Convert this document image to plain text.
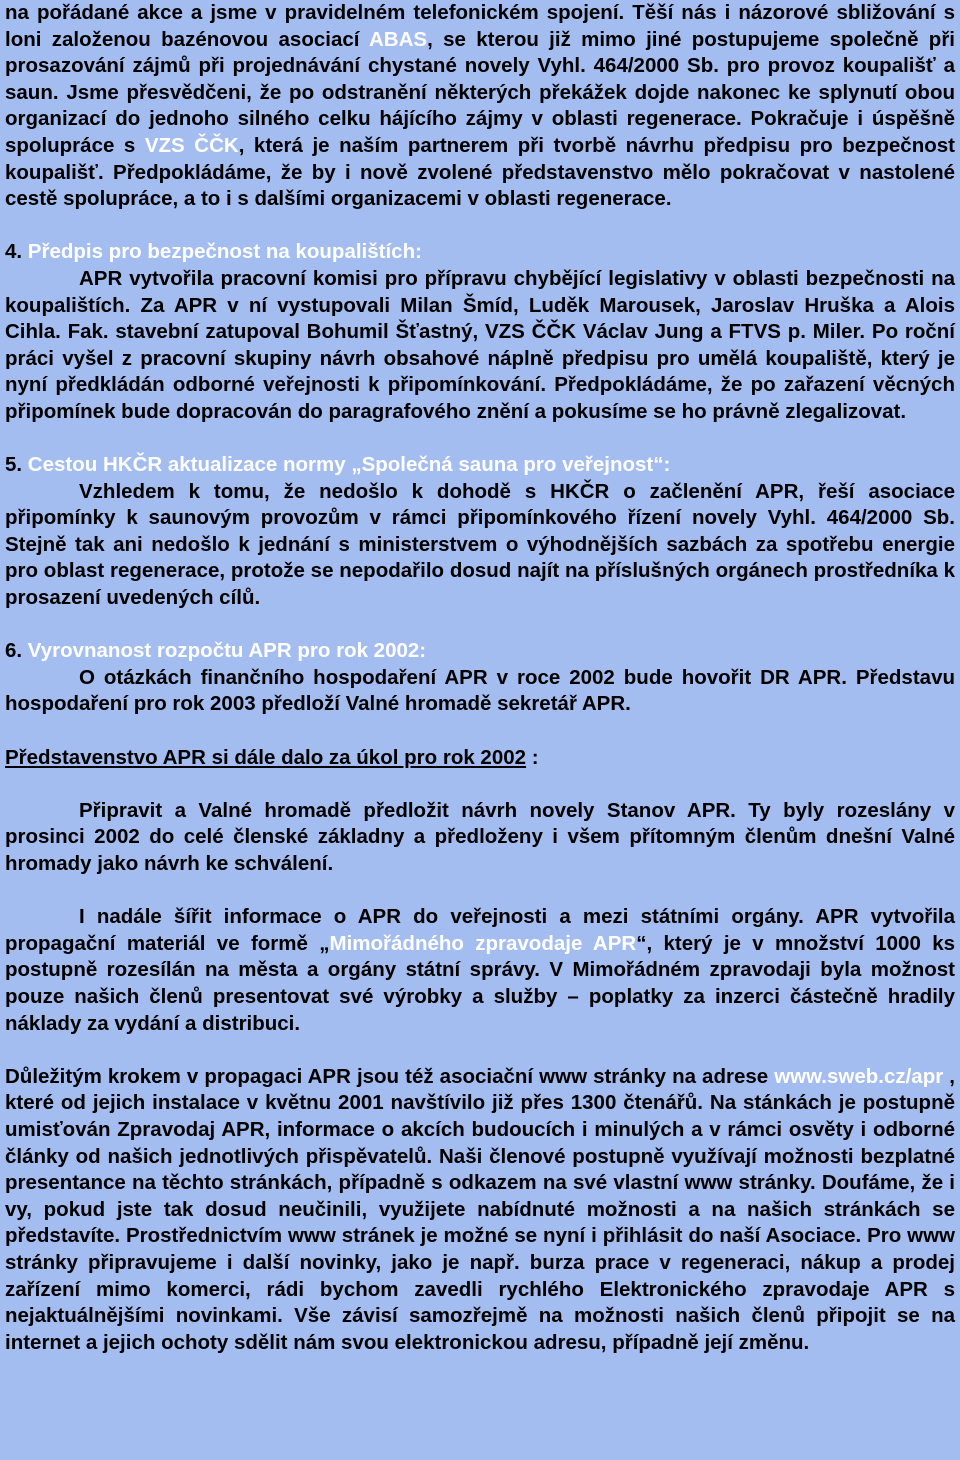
na pořádané akce a jsme v pravidelném telefonickém spojení. Těší nás i názorové sbližování s loni založenou bazénovou asociací ABAS, se kterou již mimo jiné postupujeme společně při prosazování zájmů při projednávání chystané novely Vyhl. 464/2000 Sb. pro provoz koupališť a saun. Jsme přesvědčeni, že po odstranění některých překážek dojde nakonec ke splynutí obou organizací do jednoho silného celku hájícího zájmy v oblasti regenerace. Pokračuje i úspěšně spolupráce s VZS ČČK, která je naším partnerem při tvorbě návrhu předpisu pro bezpečnost koupališť. Předpokládáme, že by i nově zvolené představenstvo mělo pokračovat v nastolené cestě spolupráce, a to i s dalšími organizacemi v oblasti regenerace.

4. Předpis pro bezpečnost na koupalištích:

APR vytvořila pracovní komisi pro přípravu chybějící legislativy v oblasti bezpečnosti na koupalištích. Za APR v ní vystupovali Milan Šmíd, Luděk Marousek, Jaroslav Hruška a Alois Cihla. Fak. stavební zatupoval Bohumil Šťastný, VZS ČČK Václav Jung a FTVS p. Miler. Po roční práci vyšel z pracovní skupiny návrh obsahové náplně předpisu pro umělá koupaliště, který je nyní předkládán odborné veřejnosti k připomínkování. Předpokládáme, že po zařazení věcných připomínek bude dopracován do paragrafového znění a pokusíme se ho právně zlegalizovat.

5. Cestou HKČR aktualizace normy „Společná sauna pro veřejnost“:

Vzhledem k tomu, že nedošlo k dohodě s HKČR o začlenění APR, řeší asociace připomínky k saunovým provozům v rámci připomínkového řízení novely Vyhl. 464/2000 Sb. Stejně tak ani nedošlo k jednání s ministerstvem o výhodnějších sazbách za spotřebu energie pro oblast regenerace, protože se nepodařilo dosud najít na příslušných orgánech prostředníka k prosazení uvedených cílů.

6. Vyrovnanost rozpočtu APR pro rok 2002:

O otázkách finančního hospodaření APR v roce 2002 bude hovořit DR APR. Představu hospodaření pro rok 2003 předloží Valné hromadě sekretář APR.

Představenstvo APR si dále dalo za úkol pro rok 2002 :

Připravit a Valné hromadě předložit návrh novely Stanov APR. Ty byly rozeslány v prosinci 2002 do celé členské základny a předloženy i všem přítomným členům dnešní Valné hromady jako návrh ke schválení.

I nadále šířit informace o APR do veřejnosti a mezi státními orgány. APR vytvořila propagační materiál ve formě „Mimořádného zpravodaje APR“, který je v množství 1000 ks postupně rozesílán na města a orgány státní správy. V Mimořádném zpravodaji byla možnost pouze našich členů presentovat své výrobky a služby – poplatky za inzerci částečně hradily náklady za vydání a distribuci.

Důležitým krokem v propagaci APR jsou též asociační www stránky na adrese www.sweb.cz/apr , které od jejich instalace v květnu 2001 navštívilo již přes 1300 čtenářů. Na stánkách je postupně umisťován Zpravodaj APR, informace o akcích budoucích i minulých a v rámci osvěty i odborné články od našich jednotlivých přispěvatelů. Naši členové postupně využívají možnosti bezplatné presentance na těchto stránkách, případně s odkazem na své vlastní www stránky. Doufáme, že i vy, pokud jste tak dosud neučinili, využijete nabídnuté možnosti a na našich stránkách se představíte. Prostřednictvím www stránek je možné se nyní i přihlásit do naší Asociace. Pro www stránky připravujeme i další novinky, jako je např. burza prace v regeneraci, nákup a prodej zařízení mimo komerci, rádi bychom zavedli rychlého Elektronického zpravodaje APR s nejaktuálnějšími novinkami. Vše závisí samozřejmě na možnosti našich členů připojit se na internet a jejich ochoty sdělit nám svou elektronickou adresu, případně její změnu.
